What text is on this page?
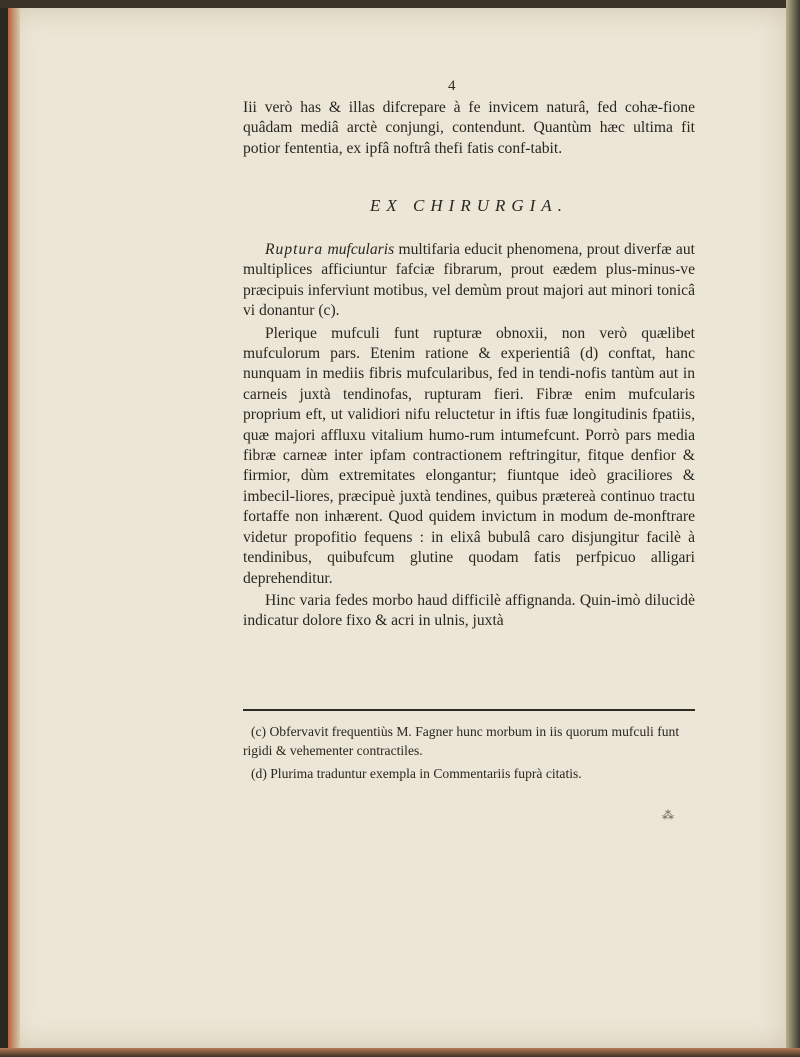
4

Iii verò has & illas difcrepare à fe invicem naturâ, fed cohæ-fione quâdam mediâ arctè conjungi, contendunt. Quantùm hæc ultima fit potior fententia, ex ipfâ noftrâ thefi fatis conf-tabit.

EX CHIRURGIA.

Ruptura mufcularis multifaria educit phenomena, prout diverfæ aut multiplices afficiuntur fafciæ fibrarum, prout eædem plus-minus-ve præcipuis inferviunt motibus, vel demùm prout majori aut minori tonicâ vi donantur (c).

Plerique mufculi funt rupturæ obnoxii, non verò quælibet mufculorum pars. Etenim ratione & experientiâ (d) conftat, hanc nunquam in mediis fibris mufcularibus, fed in tendi-nofis tantùm aut in carneis juxtà tendinofas, rupturam fieri. Fibræ enim mufcularis proprium eft, ut validiori nifu reluctetur in iftis fuæ longitudinis fpatiis, quæ majori affluxu vitalium humo-rum intumefcunt. Porrò pars media fibræ carneæ inter ipfam contractionem reftringitur, fitque denfior & firmior, dùm extremitates elongantur; fiuntque ideò graciliores & imbecil-liores, præcipuè juxtà tendines, quibus prætereà continuo tractu fortaffe non inhærent. Quod quidem invictum in modum de-monftrare videtur propofitio fequens : in elixâ bubulâ caro disjungitur facilè à tendinibus, quibufcum glutine quodam fatis perfpicuo alligari deprehenditur.

Hinc varia fedes morbo haud difficilè affignanda. Quin-imò dilucidè indicatur dolore fixo & acri in ulnis, juxtà

(c) Obfervavit frequentiùs M. Fagner hunc morbum in iis quorum mufculi funt rigidi & vehementer contractiles.

(d) Plurima traduntur exempla in Commentariis fuprà citatis.

⁂
